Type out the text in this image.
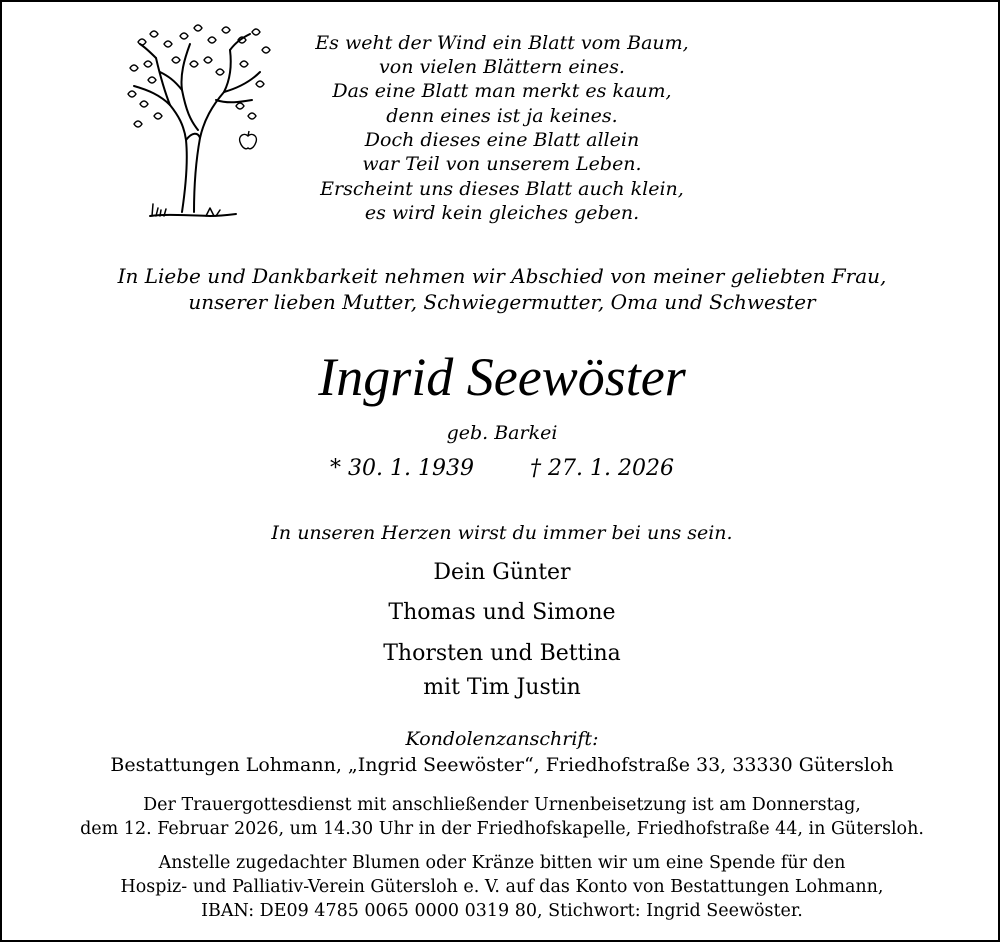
Es weht der Wind ein Blatt vom Baum,
von vielen Blättern eines.
Das eine Blatt man merkt es kaum,
denn eines ist ja keines.
Doch dieses eine Blatt allein
war Teil von unserem Leben.
Erscheint uns dieses Blatt auch klein,
es wird kein gleiches geben.
In Liebe und Dankbarkeit nehmen wir Abschied von meiner geliebten Frau,
unserer lieben Mutter, Schwiegermutter, Oma und Schwester
Ingrid Seewöster
geb. Barkei
* 30. 1. 1939	† 27. 1. 2026
In unseren Herzen wirst du immer bei uns sein.
Dein Günter
Thomas und Simone
Thorsten und Bettina
mit Tim Justin
Kondolenzanschrift:
Bestattungen Lohmann, „Ingrid Seewöster“, Friedhofstraße 33, 33330 Gütersloh
Der Trauergottesdienst mit anschließender Urnenbeisetzung ist am Donnerstag,
dem 12. Februar 2026, um 14.30 Uhr in der Friedhofskapelle, Friedhofstraße 44, in Gütersloh.
Anstelle zugedachter Blumen oder Kränze bitten wir um eine Spende für den
Hospiz- und Palliativ-Verein Gütersloh e. V. auf das Konto von Bestattungen Lohmann,
IBAN: DE09 4785 0065 0000 0319 80, Stichwort: Ingrid Seewöster.
